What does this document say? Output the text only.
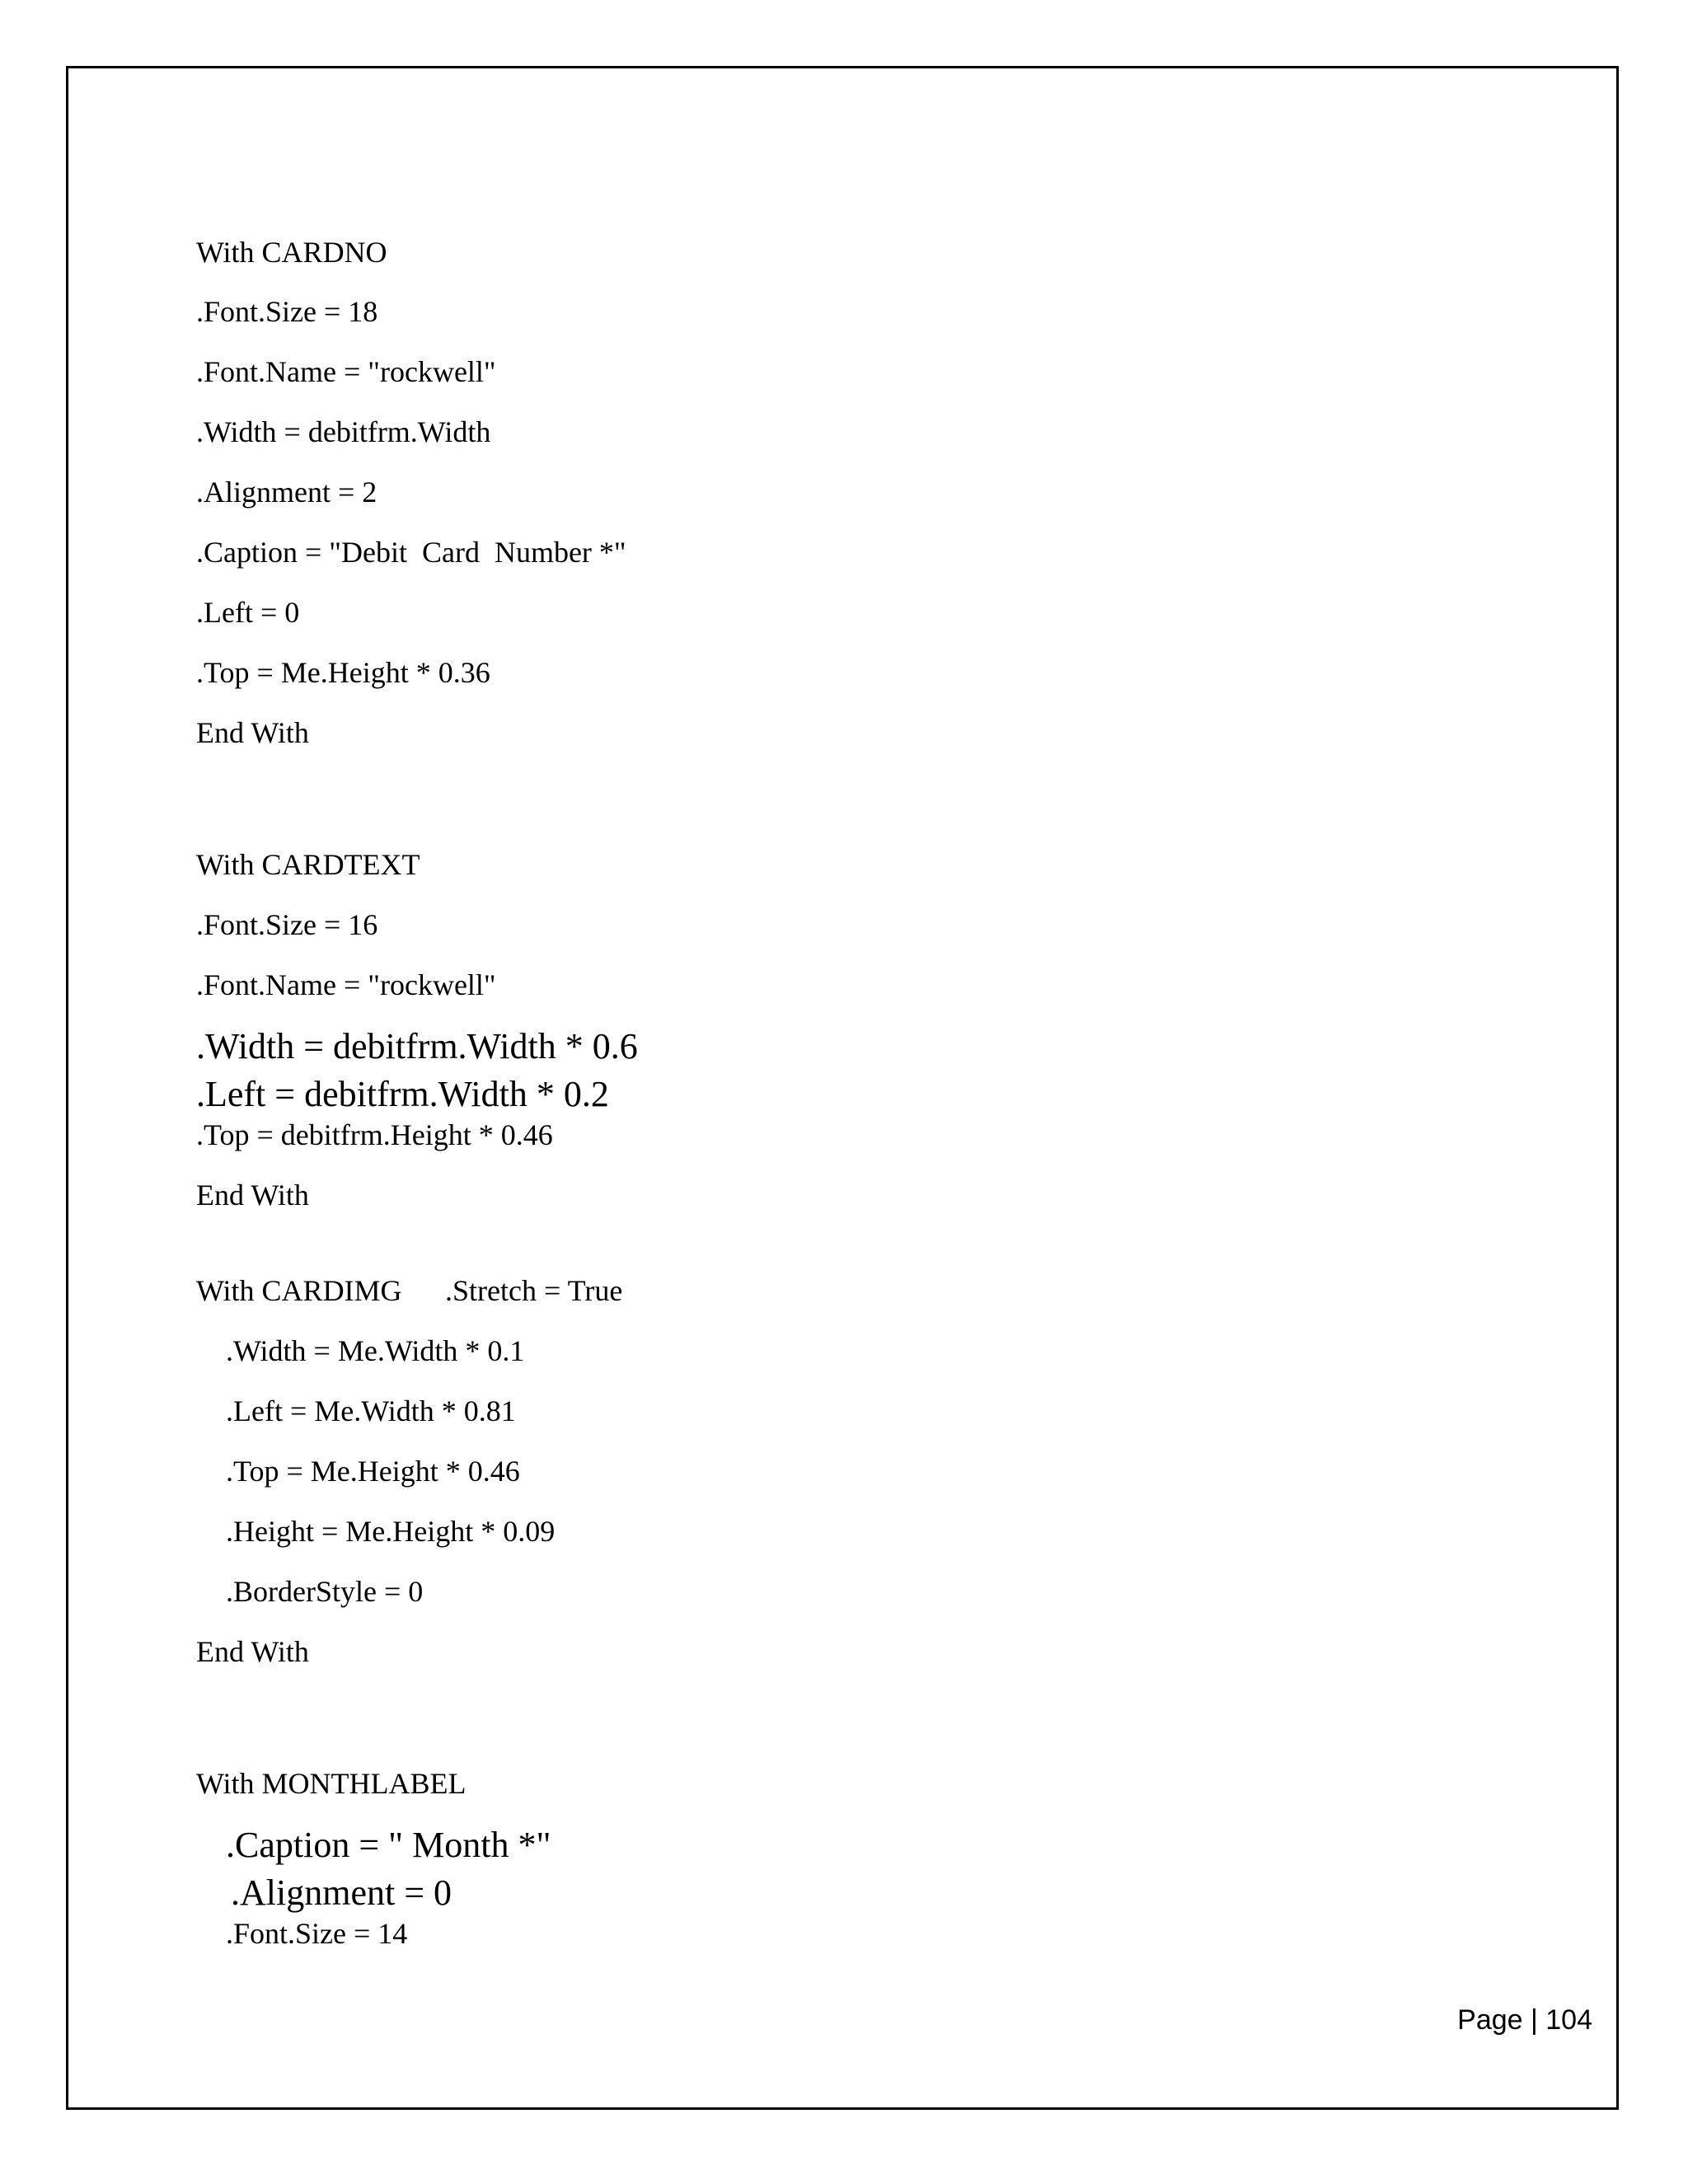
With CARDNO
.Font.Size = 18
.Font.Name = "rockwell"
.Width = debitfrm.Width
.Alignment = 2
.Caption = "Debit  Card  Number *"
.Left = 0
.Top = Me.Height * 0.36
End With
With CARDTEXT
.Font.Size = 16
.Font.Name = "rockwell"
.Width = debitfrm.Width * 0.6
.Left = debitfrm.Width * 0.2
.Top = debitfrm.Height * 0.46
End With
With CARDIMG .Stretch = True
.Width = Me.Width * 0.1
.Left = Me.Width * 0.81
.Top = Me.Height * 0.46
.Height = Me.Height * 0.09
.BorderStyle = 0
End With
With MONTHLABEL
.Caption = " Month *"
.Alignment = 0
.Font.Size = 14
Page | 104
